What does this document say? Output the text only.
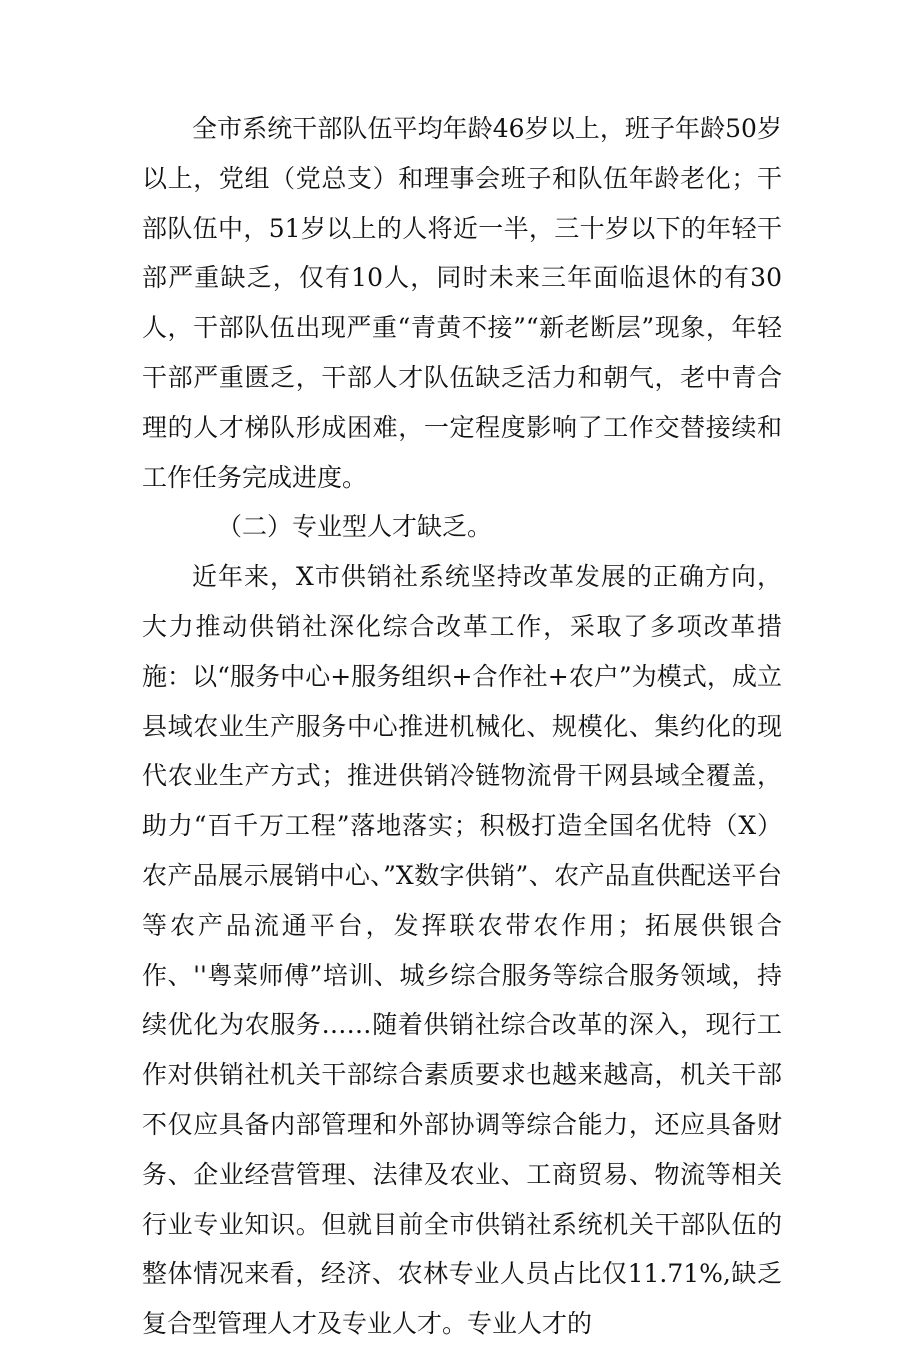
全市系统干部队伍平均年龄46岁以上，班子年龄50岁以上，党组（党总支）和理事会班子和队伍年龄老化；干部队伍中，51岁以上的人将近一半，三十岁以下的年轻干部严重缺乏，仅有10人，同时未来三年面临退休的有30人，干部队伍出现严重“青黄不接”“新老断层”现象，年轻干部严重匮乏，干部人才队伍缺乏活力和朝气，老中青合理的人才梯队形成困难，一定程度影响了工作交替接续和工作任务完成进度。

（二）专业型人才缺乏。

近年来，X市供销社系统坚持改革发展的正确方向，大力推动供销社深化综合改革工作，采取了多项改革措施：以“服务中心+服务组织+合作社+农户”为模式，成立县域农业生产服务中心推进机械化、规模化、集约化的现代农业生产方式；推进供销冷链物流骨干网县域全覆盖，助力“百千万工程”落地落实；积极打造全国名优特（X）农产品展示展销中心、”X数字供销”、农产品直供配送平台等农产品流通平台，发挥联农带农作用；拓展供银合作、''粤菜师傅”培训、城乡综合服务等综合服务领域，持续优化为农服务……随着供销社综合改革的深入，现行工作对供销社机关干部综合素质要求也越来越高，机关干部不仅应具备内部管理和外部协调等综合能力，还应具备财务、企业经营管理、法律及农业、工商贸易、物流等相关行业专业知识。但就目前全市供销社系统机关干部队伍的整体情况来看，经济、农林专业人员占比仅11.71%,缺乏复合型管理人才及专业人才。专业人才的
